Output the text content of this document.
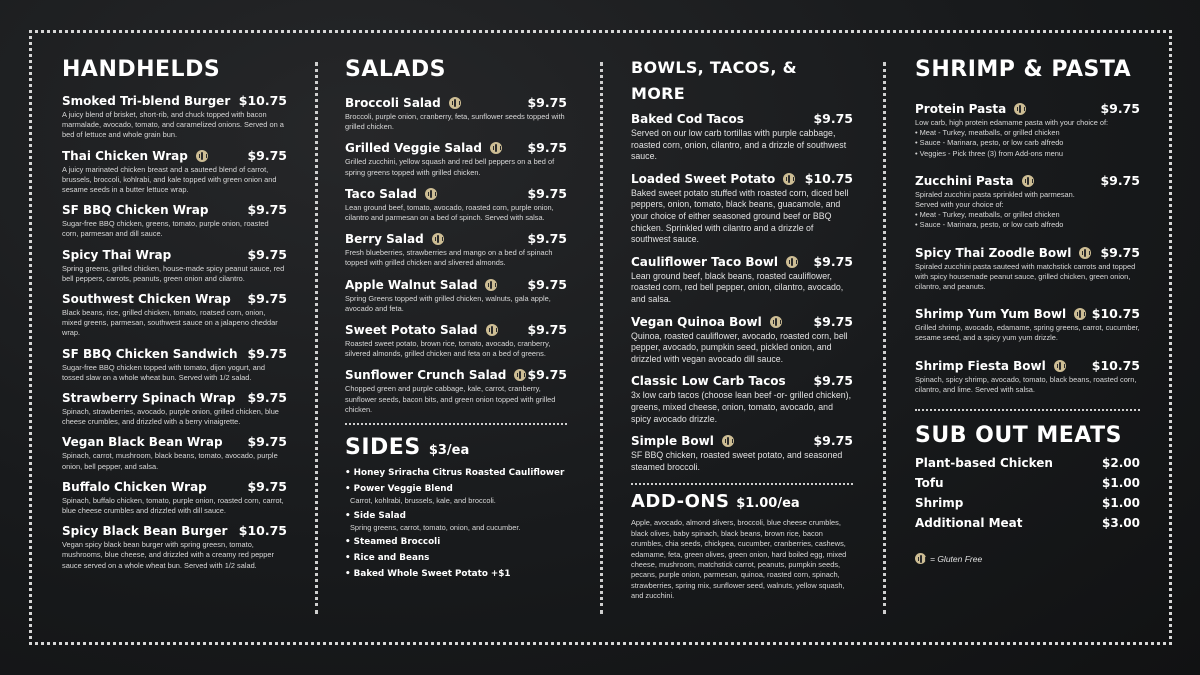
HANDHELDS
Smoked Tri-blend Burger $10.75
A juicy blend of brisket, short-rib, and chuck topped with bacon marmalade, avocado, tomato, and caramelized onions. Served on a bed of lettuce and whole grain bun.
Thai Chicken Wrap	$9.75
A juicy marinated chicken breast and a sauteed blend of carrot, brussels, broccoli, kohlrabi, and kale topped with green onion and sesame seeds in a butter lettuce wrap.
SF BBQ Chicken Wrap	$9.75
Sugar-free BBQ chicken, greens, tomato, purple onion, roasted corn, parmesan and dill sauce.
Spicy Thai Wrap	$9.75
Spring greens, grilled chicken, house-made spicy peanut sauce, red bell peppers, carrots, peanuts, green onion and cilantro.
Southwest Chicken Wrap $9.75
Black beans, rice, grilled chicken, tomato, roatsed corn, onion, mixed greens, parmesan, southwest sauce on a jalapeno cheddar wrap.
SF BBQ Chicken Sandwich $9.75
Sugar-free BBQ chicken topped with tomato, dijon yogurt, and tossed slaw on a whole wheat bun. Served with 1/2 salad.
Strawberry Spinach Wrap $9.75
Spinach, strawberries, avocado, purple onion, grilled chicken, blue cheese crumbles, and drizzled with a berry vinaigrette.
Vegan Black Bean Wrap $9.75
Spinach, carrot, mushroom, black beans, tomato, avocado, purple onion, bell pepper, and salsa.
Buffalo Chicken Wrap	$9.75
Spinach, buffalo chicken, tomato, purple onion, roasted corn, carrot, blue cheese crumbles and drizzled with dill sauce.
Spicy Black Bean Burger $10.75
Vegan spicy black bean burger with spring greesn, tomato, mushrooms, blue cheese, and drizzled with a creamy red pepper sauce served on a whole wheat bun. Served with 1/2 salad.
SALADS
Broccoli Salad	$9.75
Broccoli, purple onion, cranberry, feta, sunflower seeds topped with grilled chicken.
Grilled Veggie Salad	$9.75
Grilled zucchini, yellow squash and red bell peppers on a bed of spring greens topped with grilled chicken.
Taco Salad	$9.75
Lean ground beef, tomato, avocado, roasted corn, purple onion, cilantro and parmesan on a bed of spinch. Served with salsa.
Berry Salad	$9.75
Fresh blueberries, strawberries and mango on a bed of spinach topped with grilled chicken and slivered almonds.
Apple Walnut Salad	$9.75
Spring Greens topped with grilled chicken, walnuts, gala apple, avocado and feta.
Sweet Potato Salad	$9.75
Roasted sweet potato, brown rice, tomato, avocado, cranberry, silvered almonds, grilled chicken and feta on a bed of greens.
Sunflower Crunch Salad $9.75
Chopped green and purple cabbage, kale, carrot, cranberry, sunflower seeds, bacon bits, and green onion topped with grilled chicken.
SIDES $3/ea
• Honey Sriracha Citrus Roasted Cauliflower
• Power Veggie Blend
Carrot, kohlrabi, brussels, kale, and broccoli.
• Side Salad
Spring greens, carrot, tomato, onion, and cucumber.
• Steamed Broccoli
• Rice and Beans
• Baked Whole Sweet Potato +$1
BOWLS, TACOS, & MORE
Baked Cod Tacos	$9.75
Served on our low carb tortillas with purple cabbage, roasted corn, onion, cilantro, and a drizzle of southwest sauce.
Loaded Sweet Potato $10.75
Baked sweet potato stuffed with roasted corn, diced bell peppers, onion, tomato, black beans, guacamole, and your choice of either seasoned ground beef or BBQ chicken. Sprinkled with cilantro and a drizzle of southwest sauce.
Cauliflower Taco Bowl	$9.75
Lean ground beef, black beans, roasted cauliflower, roasted corn, red bell pepper, onion, cilantro, avocado, and salsa.
Vegan Quinoa Bowl	$9.75
Quinoa, roasted cauliflower, avocado, roasted corn, bell pepper, avocado, pumpkin seed, pickled onion, and drizzled with vegan avocado dill sauce.
Classic Low Carb Tacos $9.75
3x low carb tacos (choose lean beef -or- grilled chicken), greens, mixed cheese, onion, tomato, avocado, and spicy avocado drizzle.
Simple Bowl	$9.75
SF BBQ chicken, roasted sweet potato, and seasoned steamed broccoli.
ADD-ONS $1.00/ea
Apple, avocado, almond slivers, broccoli, blue cheese crumbles, black olives, baby spinach, black beans, brown rice, bacon crumbles, chia seeds, chickpea, cucumber, cranberries, cashews, edamame, feta, green olives, green onion, hard boiled egg, mixed cheese, mushroom, matchstick carrot, peanuts, pumpkin seeds, pecans, purple onion, parmesan, quinoa, roasted corn, spinach, strawberries, spring mix, sunflower seed, walnuts, yellow squash, and zucchini.
SHRIMP & PASTA
Protein Pasta	$9.75
Low carb, high protein edamame pasta with your choice of:
• Meat - Turkey, meatballs, or grilled chicken
• Sauce - Marinara, pesto, or low carb alfredo
• Veggies - Pick three (3) from Add-ons menu
Zucchini Pasta	$9.75
Spiraled zucchini pasta sprinkled with parmesan.
Served with your choice of:
• Meat - Turkey, meatballs, or grilled chicken
• Sauce - Marinara, pesto, or low carb alfredo
Spicy Thai Zoodle Bowl $9.75
Spiraled zucchini pasta sauteed with matchstick carrots and topped with spicy housemade peanut sauce, grilled chicken, green onion, cilantro, and peanuts.
Shrimp Yum Yum Bowl $10.75
Grilled shrimp, avocado, edamame, spring greens, carrot, cucumber, sesame seed, and a spicy yum yum drizzle.
Shrimp Fiesta Bowl	$10.75
Spinach, spicy shrimp, avocado, tomato, black beans, roasted corn, cilantro, and lime. Served with salsa.
SUB OUT MEATS
Plant-based Chicken	$2.00
Tofu	$1.00
Shrimp	$1.00
Additional Meat	$3.00
= Gluten Free
